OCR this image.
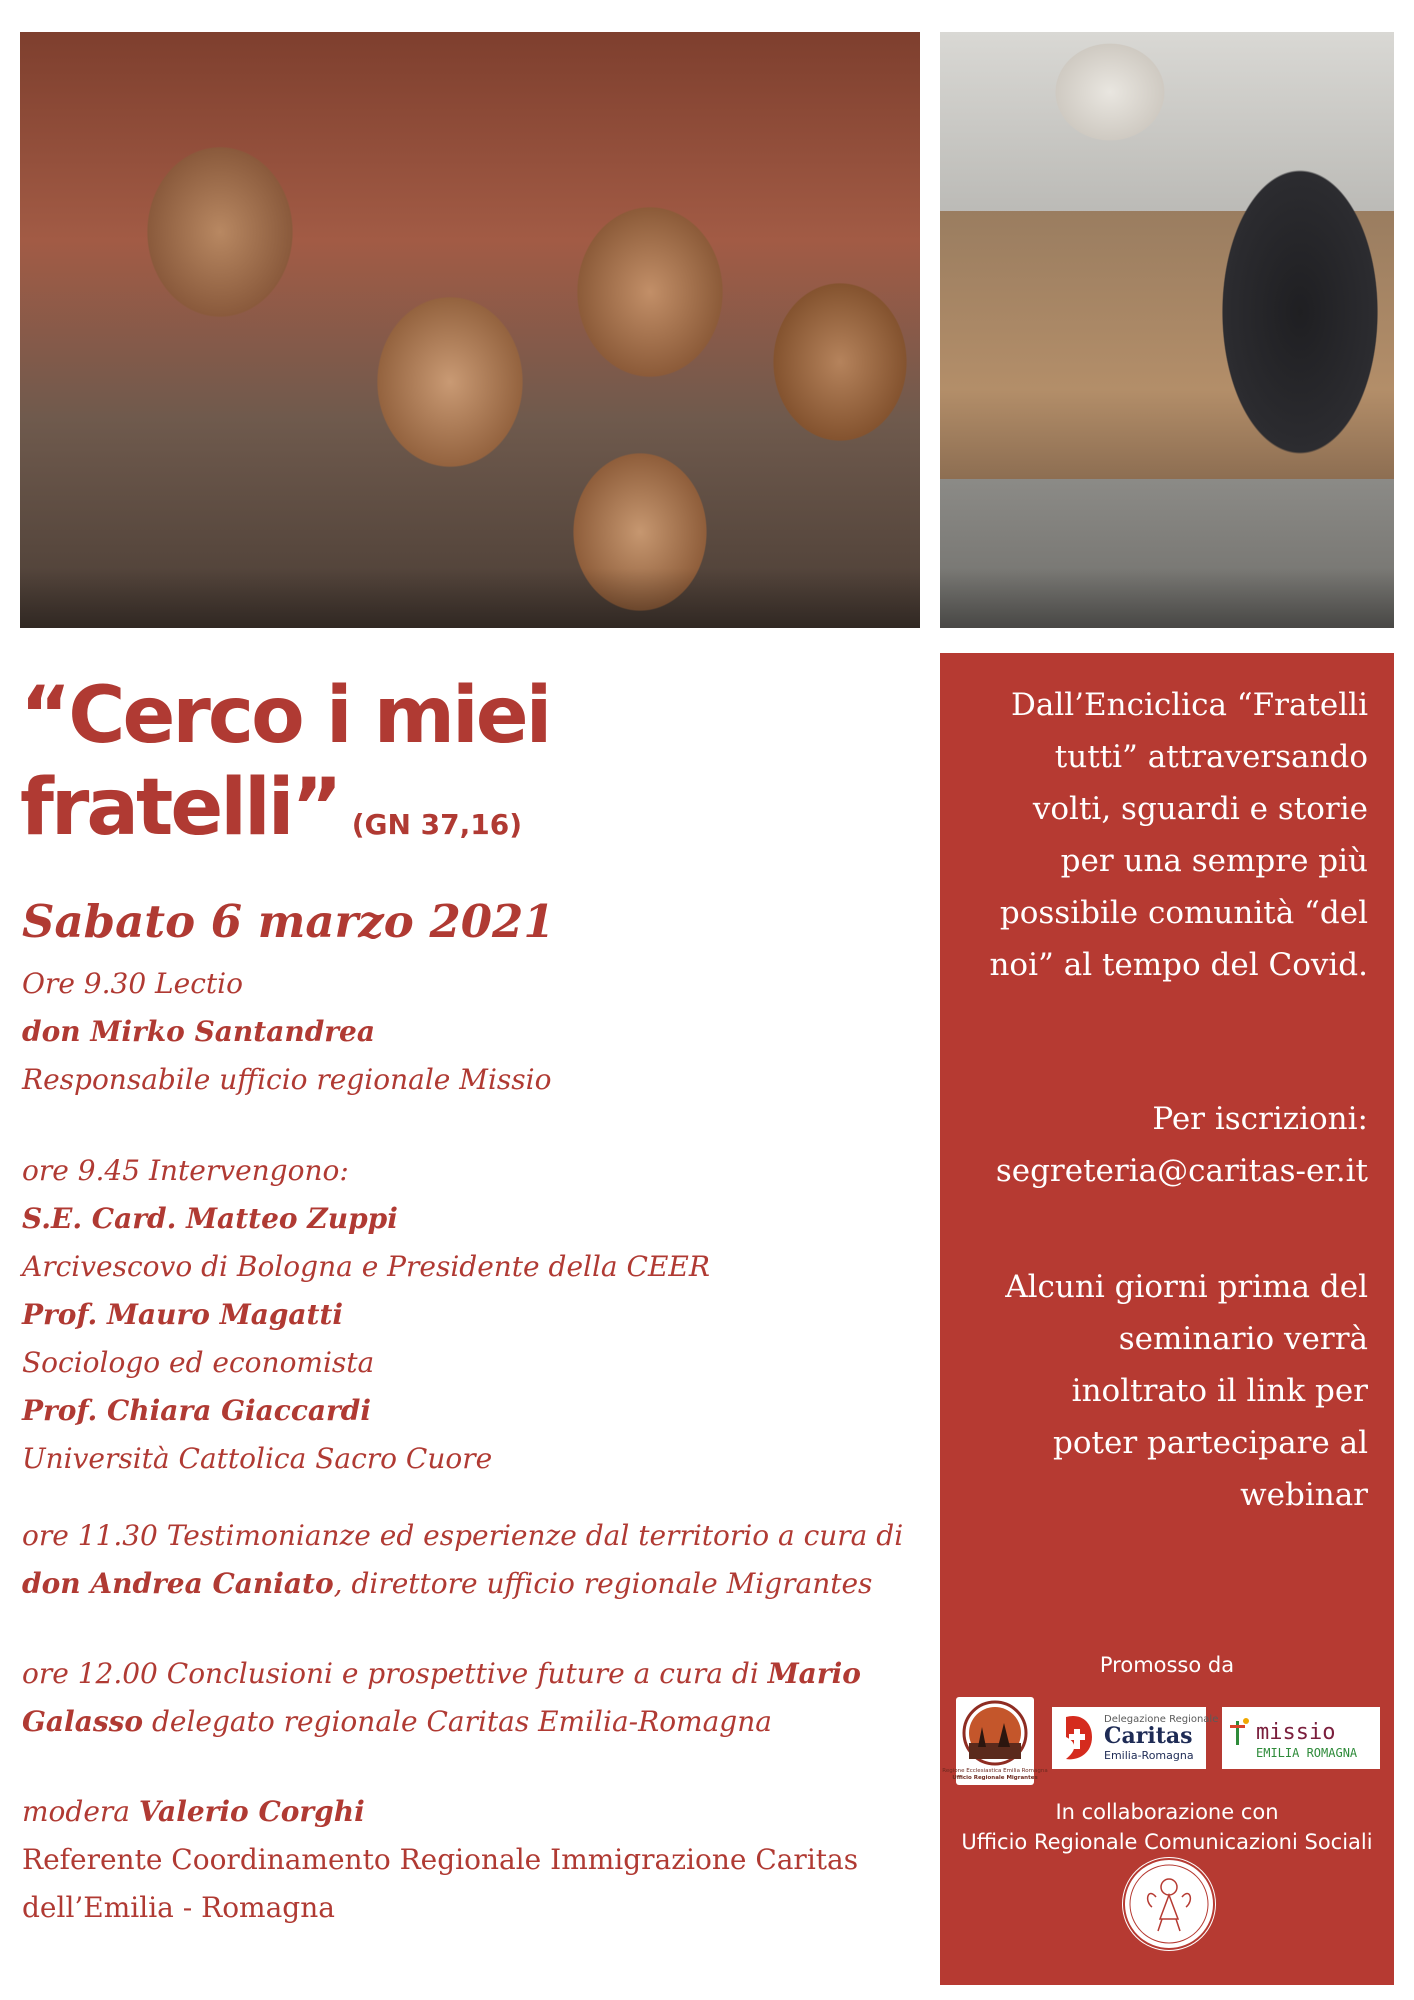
“Cerco i miei
fratelli” (GN 37,16)
Sabato 6 marzo 2021
Ore 9.30 Lectio
don Mirko Santandrea
Responsabile ufficio regionale Missio
ore 9.45 Intervengono:
S.E. Card. Matteo Zuppi
Arcivescovo di Bologna e Presidente della CEER
Prof. Mauro Magatti
Sociologo ed economista
Prof. Chiara Giaccardi
Università Cattolica Sacro Cuore
ore 11.30 Testimonianze ed esperienze dal territorio a cura di
don Andrea Caniato, direttore ufficio regionale Migrantes
ore 12.00 Conclusioni e prospettive future a cura di Mario
Galasso delegato regionale Caritas Emilia-Romagna
modera Valerio Corghi
Referente Coordinamento Regionale Immigrazione Caritas
dell’Emilia - Romagna
Dall’Enciclica “Fratelli
tutti” attraversando
volti, sguardi e storie
per una sempre più
possibile comunità “del
noi” al tempo del Covid.
Per iscrizioni:
segreteria@caritas-er.it
Alcuni giorni prima del
seminario verrà
inoltrato il link per
poter partecipare al
webinar
Promosso da
Regione Ecclesiastica Emilia Romagna
Ufficio Regionale Migrantes
Delegazione Regionale
Caritas
Emilia-Romagna
missio
EMILIA ROMAGNA
In collaborazione con
Ufficio Regionale Comunicazioni Sociali
